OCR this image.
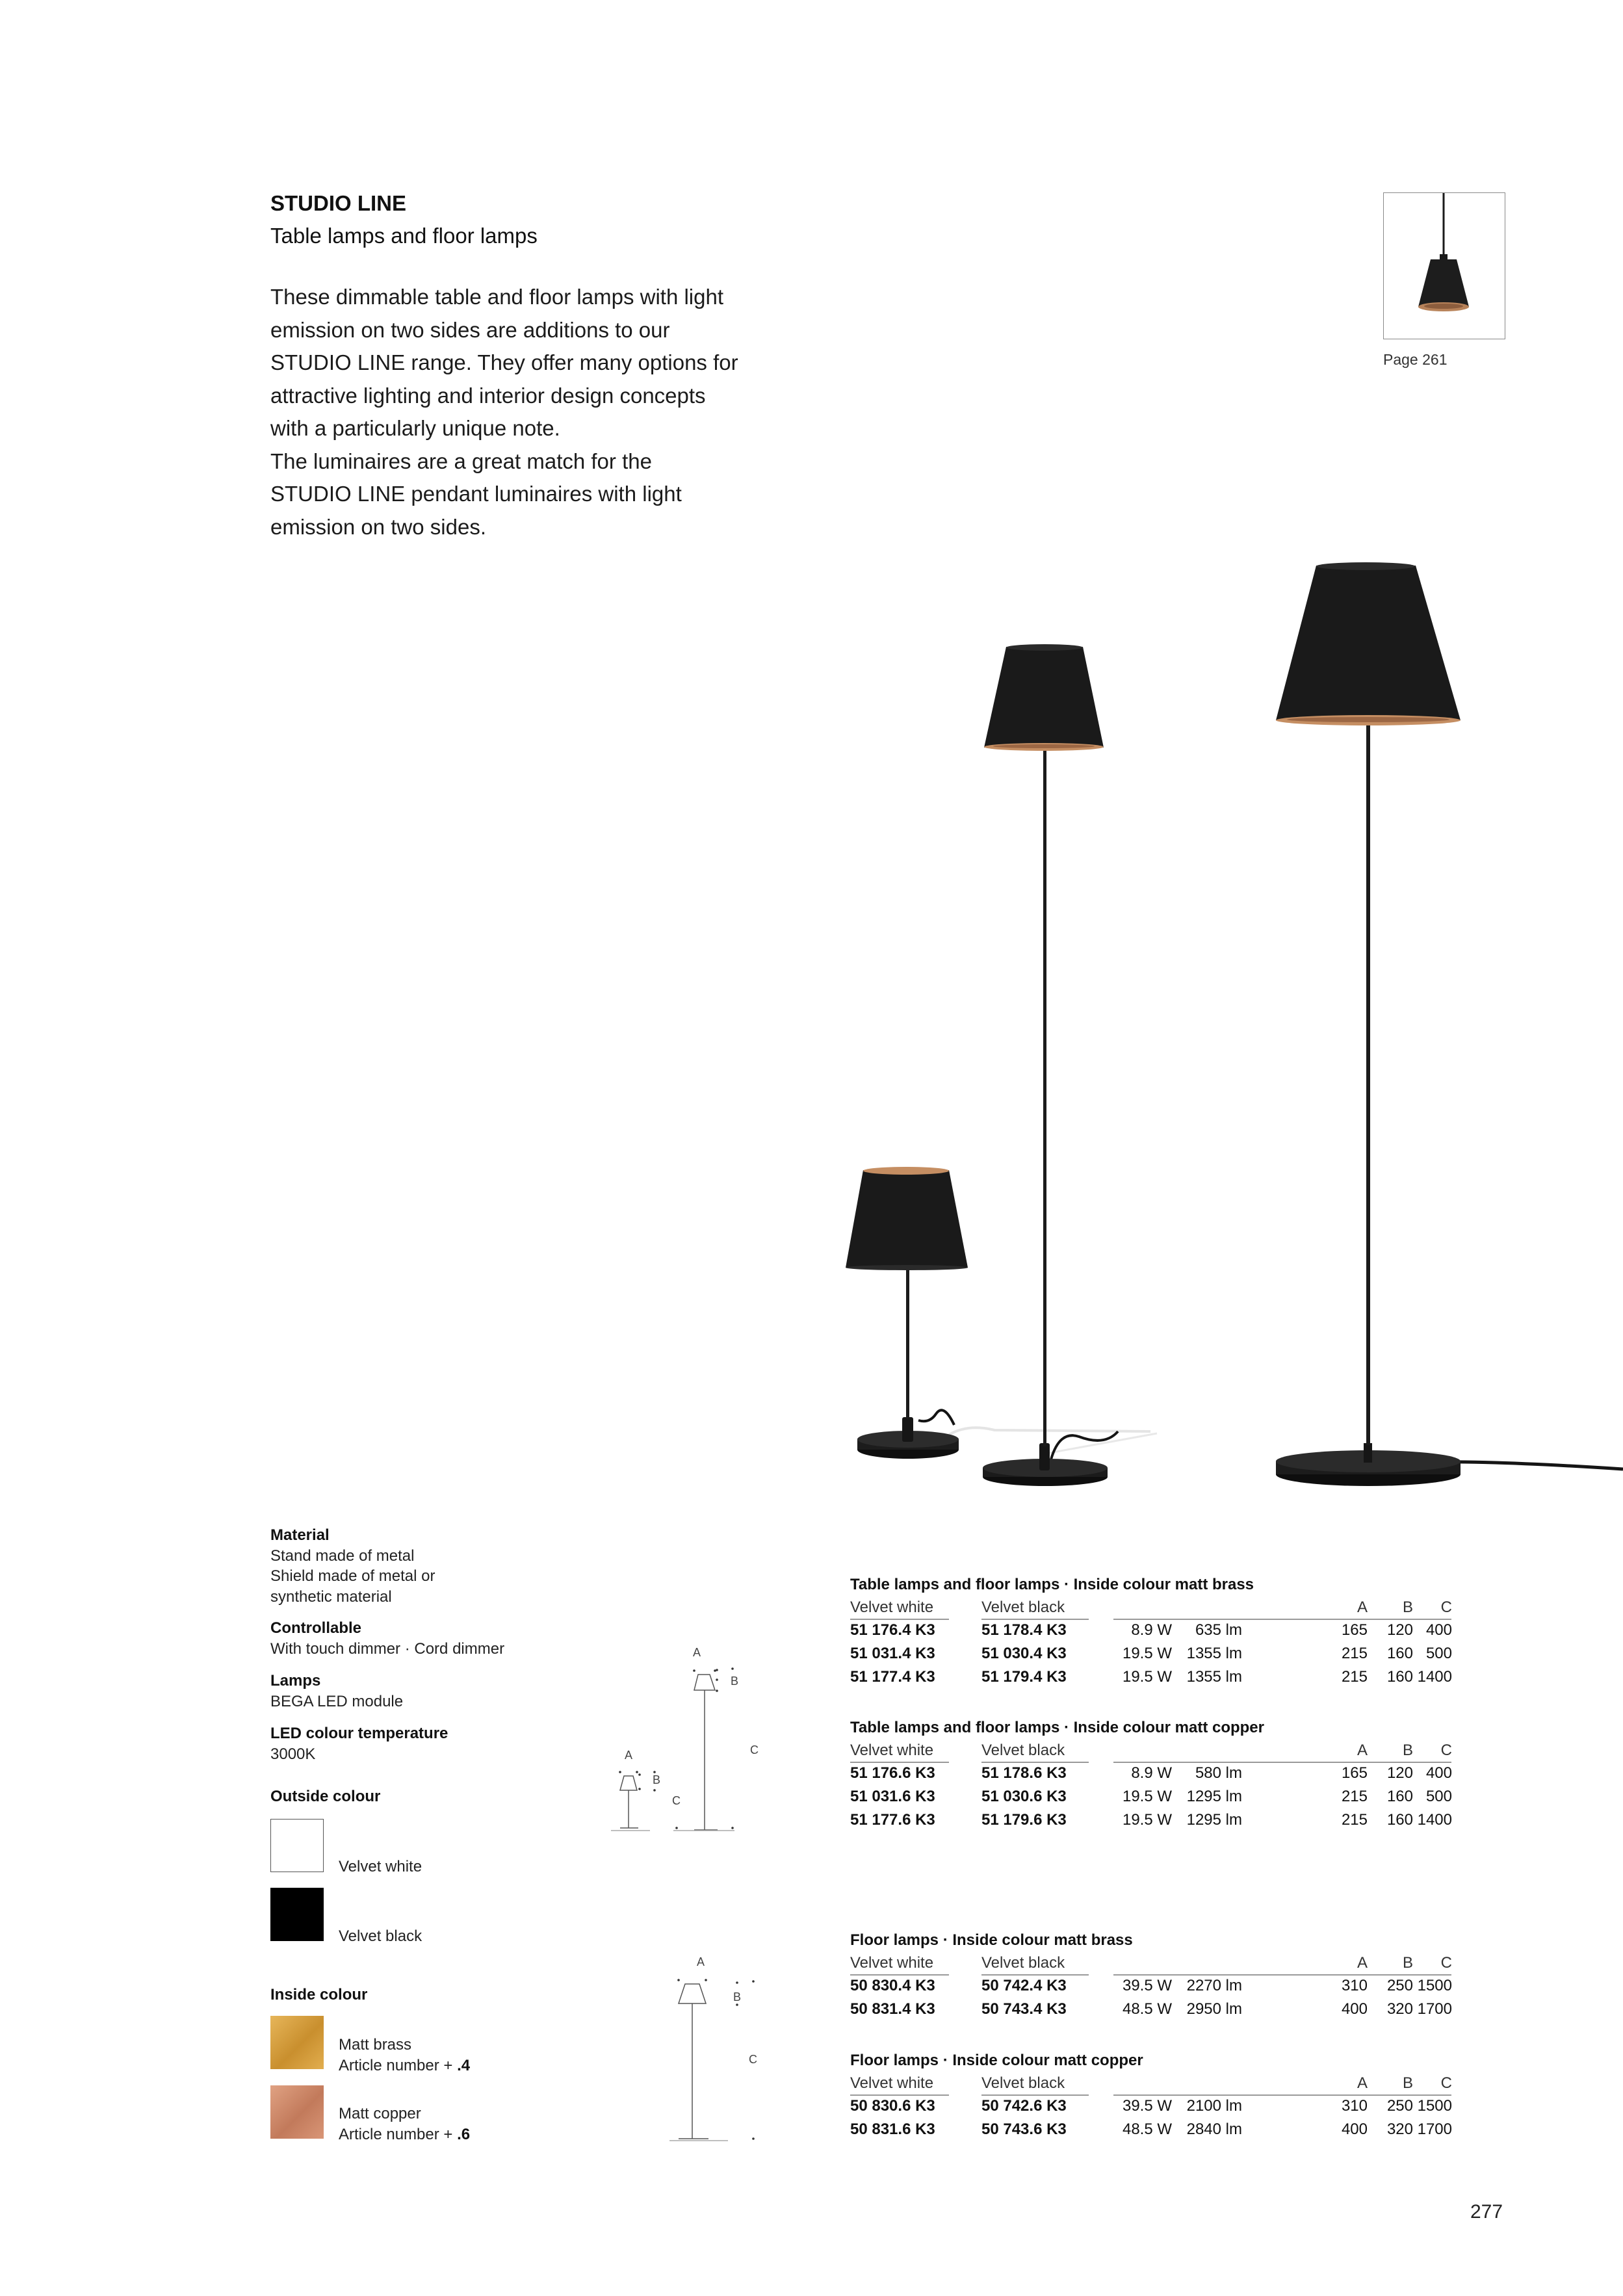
STUDIO LINE
Table lamps and floor lamps

These dimmable table and floor lamps with light emission on two sides are additions to our STUDIO LINE range. They offer many options for attractive lighting and interior design concepts with a particularly unique note.

The luminaires are a great match for the STUDIO LINE pendant luminaires with light emission on two sides.

Page 261
Material
Stand made of metal
Shield made of metal or
synthetic material
Controllable
With touch dimmer · Cord dimmer
Lamps
BEGA LED module
LED colour temperature
3000K
Outside colour
Velvet white
Velvet black
Inside colour
Matt brass
Article number + .4
Matt copper
Article number + .6
A
B
C
A
B
C
A
B
C
Table lamps and floor lamps · Inside colour matt brass
Velvet white	Velvet black
	A	B C
51 176.4 K3	51 178.4 K3	8.9 W	635 lm	165	120 400
51 031.4 K3	51 030.4 K3	19.5 W 1355 lm	215	160 500
51 177.4 K3	51 179.4 K3	19.5 W 1355 lm	215	160 1400
Table lamps and floor lamps · Inside colour matt copper
Velvet white	Velvet black
	A	B C
51 176.6 K3	51 178.6 K3	8.9 W	580 lm	165	120 400
51 031.6 K3	51 030.6 K3	19.5 W 1295 lm	215	160 500
51 177.6 K3	51 179.6 K3	19.5 W 1295 lm	215	160 1400
Floor lamps · Inside colour matt brass
Velvet white	Velvet black
	A	B C
50 830.4 K3	50 742.4 K3	39.5 W 2270 lm	310	250 1500
50 831.4 K3	50 743.4 K3	48.5 W 2950 lm	400	320 1700
Floor lamps · Inside colour matt copper
Velvet white	Velvet black
	A	B C
50 830.6 K3	50 742.6 K3	39.5 W 2100 lm	310	250 1500
50 831.6 K3	50 743.6 K3	48.5 W 2840 lm	400	320 1700
277
